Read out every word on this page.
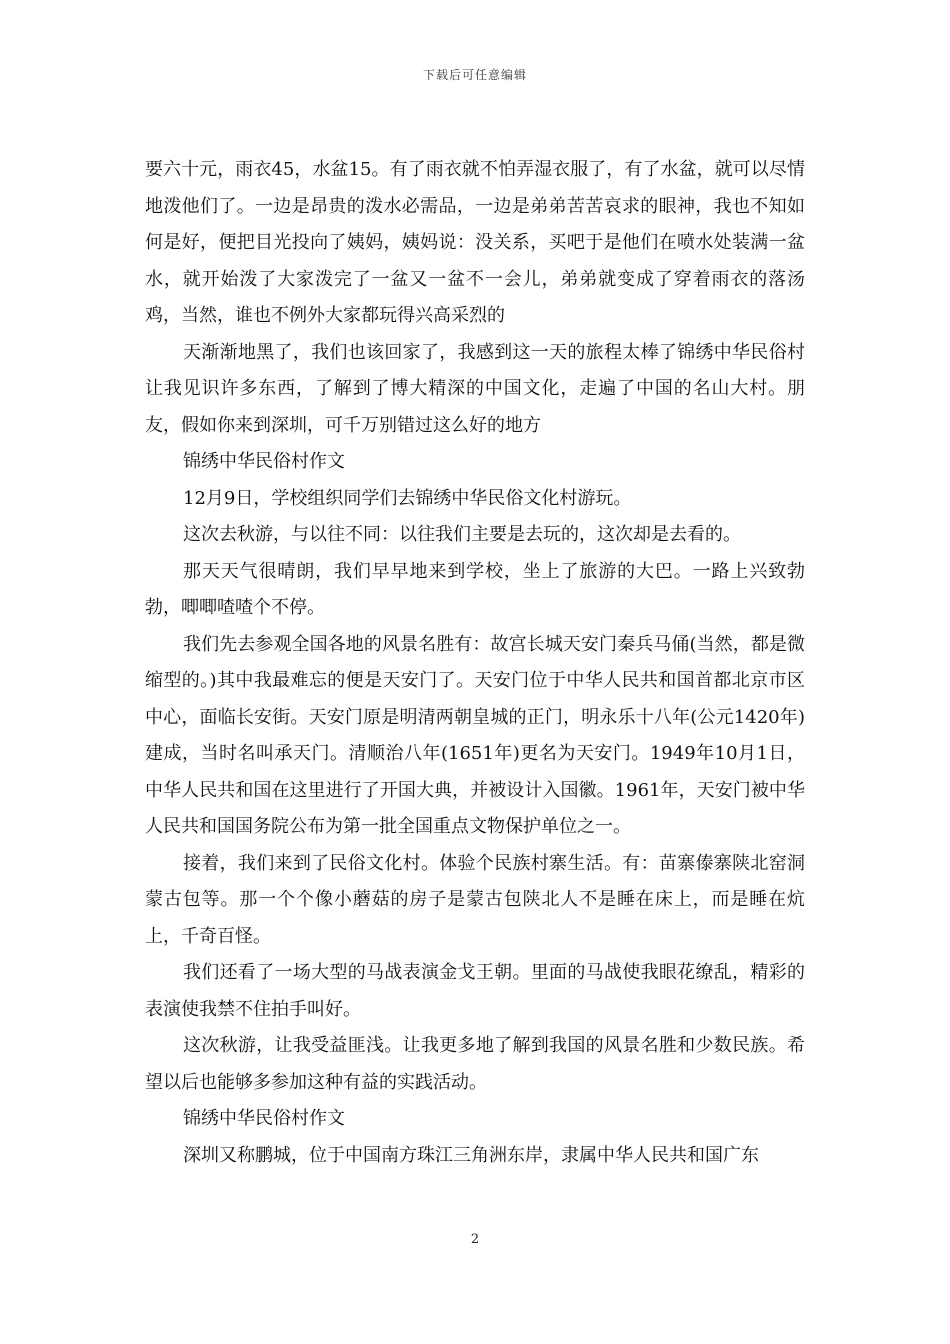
下载后可任意编辑

要六十元，雨衣45，水盆15。有了雨衣就不怕弄湿衣服了，有了水盆，就可以尽情地泼他们了。一边是昂贵的泼水必需品，一边是弟弟苦苦哀求的眼神，我也不知如何是好，便把目光投向了姨妈，姨妈说：没关系，买吧于是他们在喷水处装满一盆水，就开始泼了大家泼完了一盆又一盆不一会儿，弟弟就变成了穿着雨衣的落汤鸡，当然，谁也不例外大家都玩得兴高采烈的

天渐渐地黑了，我们也该回家了，我感到这一天的旅程太棒了锦绣中华民俗村让我见识许多东西，了解到了博大精深的中国文化，走遍了中国的名山大村。朋友，假如你来到深圳，可千万别错过这么好的地方

锦绣中华民俗村作文

12月9日，学校组织同学们去锦绣中华民俗文化村游玩。

这次去秋游，与以往不同：以往我们主要是去玩的，这次却是去看的。

那天天气很晴朗，我们早早地来到学校，坐上了旅游的大巴。一路上兴致勃勃，唧唧喳喳个不停。

我们先去参观全国各地的风景名胜有：故宫长城天安门秦兵马俑(当然，都是微缩型的。)其中我最难忘的便是天安门了。天安门位于中华人民共和国首都北京市区中心，面临长安街。天安门原是明清两朝皇城的正门，明永乐十八年(公元1420年)建成，当时名叫承天门。清顺治八年(1651年)更名为天安门。1949年10月1日，中华人民共和国在这里进行了开国大典，并被设计入国徽。1961年，天安门被中华人民共和国国务院公布为第一批全国重点文物保护单位之一。

接着，我们来到了民俗文化村。体验个民族村寨生活。有：苗寨傣寨陕北窑洞蒙古包等。那一个个像小蘑菇的房子是蒙古包陕北人不是睡在床上，而是睡在炕上，千奇百怪。

我们还看了一场大型的马战表演金戈王朝。里面的马战使我眼花缭乱，精彩的表演使我禁不住拍手叫好。

这次秋游，让我受益匪浅。让我更多地了解到我国的风景名胜和少数民族。希望以后也能够多参加这种有益的实践活动。

锦绣中华民俗村作文

深圳又称鹏城，位于中国南方珠江三角洲东岸，隶属中华人民共和国广东

2
